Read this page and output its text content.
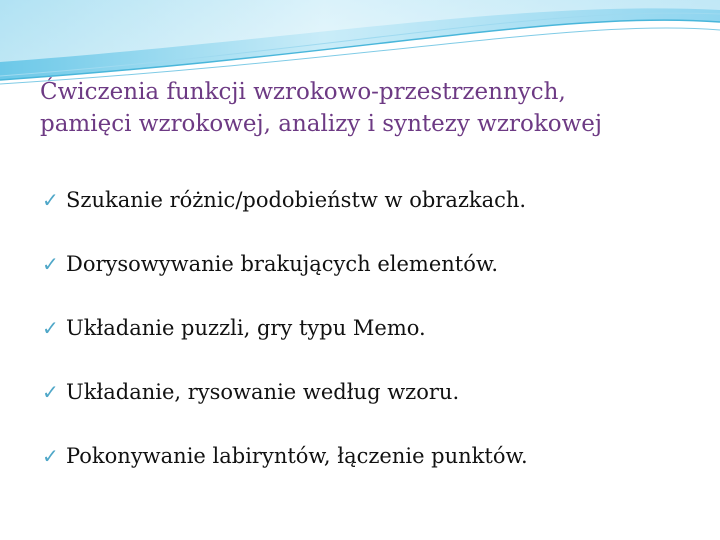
Ćwiczenia funkcji wzrokowo-przestrzennych,
pamięci wzrokowej, analizy i syntezy wzrokowej
✓ Szukanie różnic/podobieństw w obrazkach.
✓ Dorysowywanie brakujących elementów.
✓ Układanie puzzli, gry typu Memo.
✓ Układanie, rysowanie według wzoru.
✓ Pokonywanie labiryntów, łączenie punktów.
